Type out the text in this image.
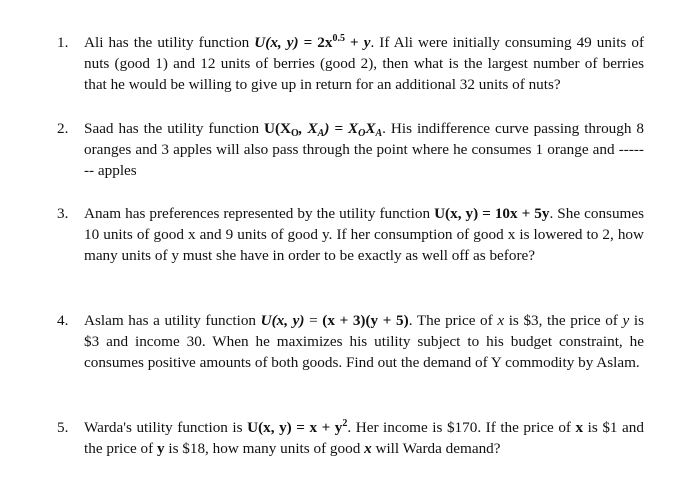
1. Ali has the utility function U(x, $y) = 2x^{0.5} + y$. If Ali were initially consuming 49 units of nuts (good 1) and 12 units of berries (good 2), then what is the largest number of berries that he would be willing to give up in return for an additional 32 units of nuts?
2. Saad has the utility function $U(X_O$, $X_A) = X_OX_A$. His indifference curve passing through 8 oranges and 3 apples will also pass through the point where he consumes 1 orange and ------- apples
3. Anam has preferences represented by the utility function U(x, y) = 10x + 5y. She consumes 10 units of good x and 9 units of good y. If her consumption of good x is lowered to 2, how many units of y must she have in order to be exactly as well off as before?
4. Aslam has a utility function U(x, y) = (x + 3)(y + 5). The price of x is $3, the price of y is $3 and income 30. When he maximizes his utility subject to his budget constraint, he consumes positive amounts of both goods. Find out the demand of Y commodity by Aslam.
5. Warda's utility function is U(x, $y) = x + y^2$. Her income is $170. If the price of x is $1 and the price of y is $18, how many units of good x will Warda demand?
